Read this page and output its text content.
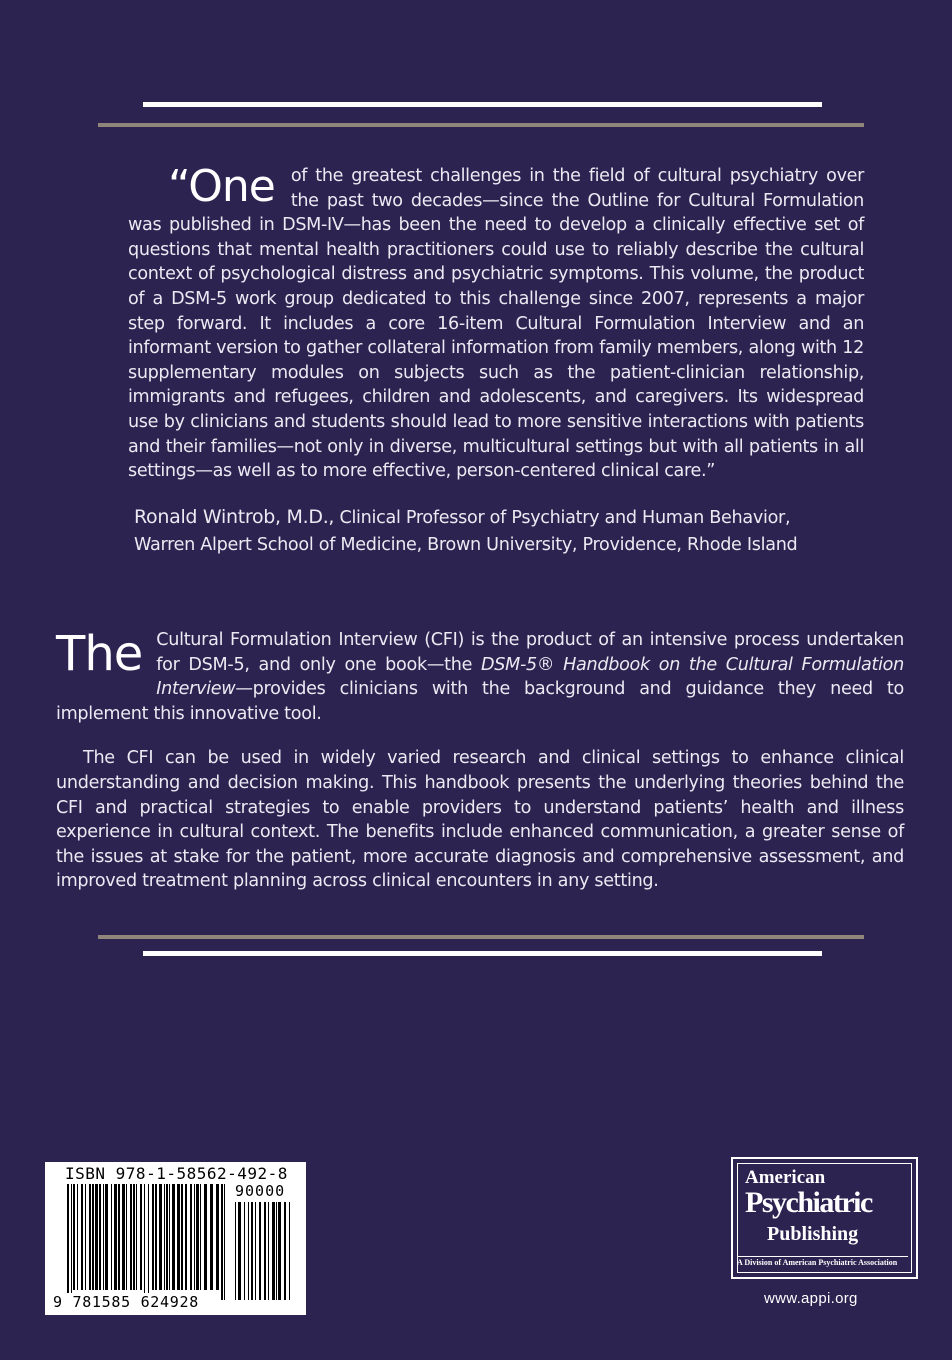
“One of the greatest challenges in the field of cultural psychiatry over the past two decades—since the Outline for Cultural Formulation was published in DSM-IV—has been the need to develop a clinically effective set of questions that mental health practitioners could use to reliably describe the cultural context of psychological distress and psychiatric symptoms. This volume, the product of a DSM-5 work group dedicated to this challenge since 2007, represents a major step forward. It includes a core 16-item Cultural Formulation Interview and an informant version to gather collateral information from family members, along with 12 supplementary modules on subjects such as the patient-clinician relationship, immigrants and refugees, children and adolescents, and caregivers. Its widespread use by clinicians and students should lead to more sensitive interactions with patients and their families—not only in diverse, multicultural settings but with all patients in all settings—as well as to more effective, person-centered clinical care.”

Ronald Wintrob, M.D., Clinical Professor of Psychiatry and Human Behavior,
Warren Alpert School of Medicine, Brown University, Providence, Rhode Island

The Cultural Formulation Interview (CFI) is the product of an intensive process undertaken for DSM-5, and only one book—the DSM-5® Handbook on the Cultural Formulation Interview—provides clinicians with the background and guidance they need to implement this innovative tool.

The CFI can be used in widely varied research and clinical settings to enhance clinical understanding and decision making. This handbook presents the underlying theories behind the CFI and practical strategies to enable providers to understand patients’ health and illness experience in cultural context. The benefits include enhanced communication, a greater sense of the issues at stake for the patient, more accurate diagnosis and comprehensive assessment, and improved treatment planning across clinical encounters in any setting.

ISBN 978-1-58562-492-8
90000
9 781585 624928
American
Psychiatric
Publishing
A Division of American Psychiatric Association
www.appi.org
